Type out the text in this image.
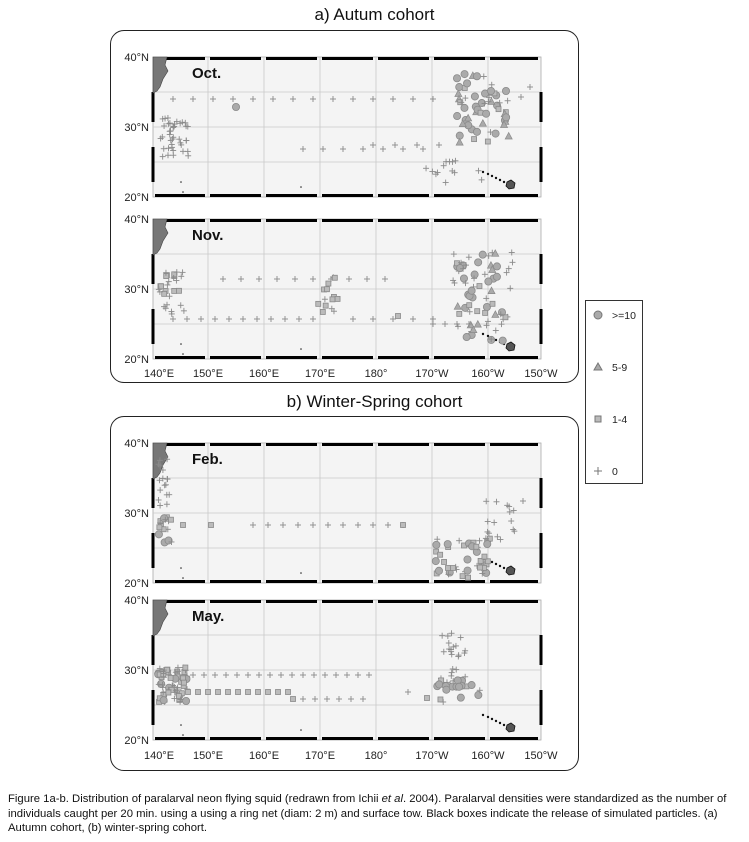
a) Autum cohort
b) Winter-Spring cohort
40°N
30°N
20°N
Oct.
40°N
30°N
20°N
Nov.
40°N
30°N
20°N
Feb.
40°N
30°N
20°N
May.
140°E 150°E 160°E 170°E	180°	170°W 160°W 150°W
140°E 150°E 160°E 170°E	180°	170°W 160°W 150°W
>=10
5-9
1-4
0
Figure 1a-b. Distribution of paralarval neon flying squid (redrawn from Ichii et al. 2004). Paralarval densities were standardized as the number of individuals caught per 20 min. using a using a ring net (diam: 2 m) and surface tow. Black boxes indicate the release of simulated particles. (a) Autumn cohort, (b) winter-spring cohort.
